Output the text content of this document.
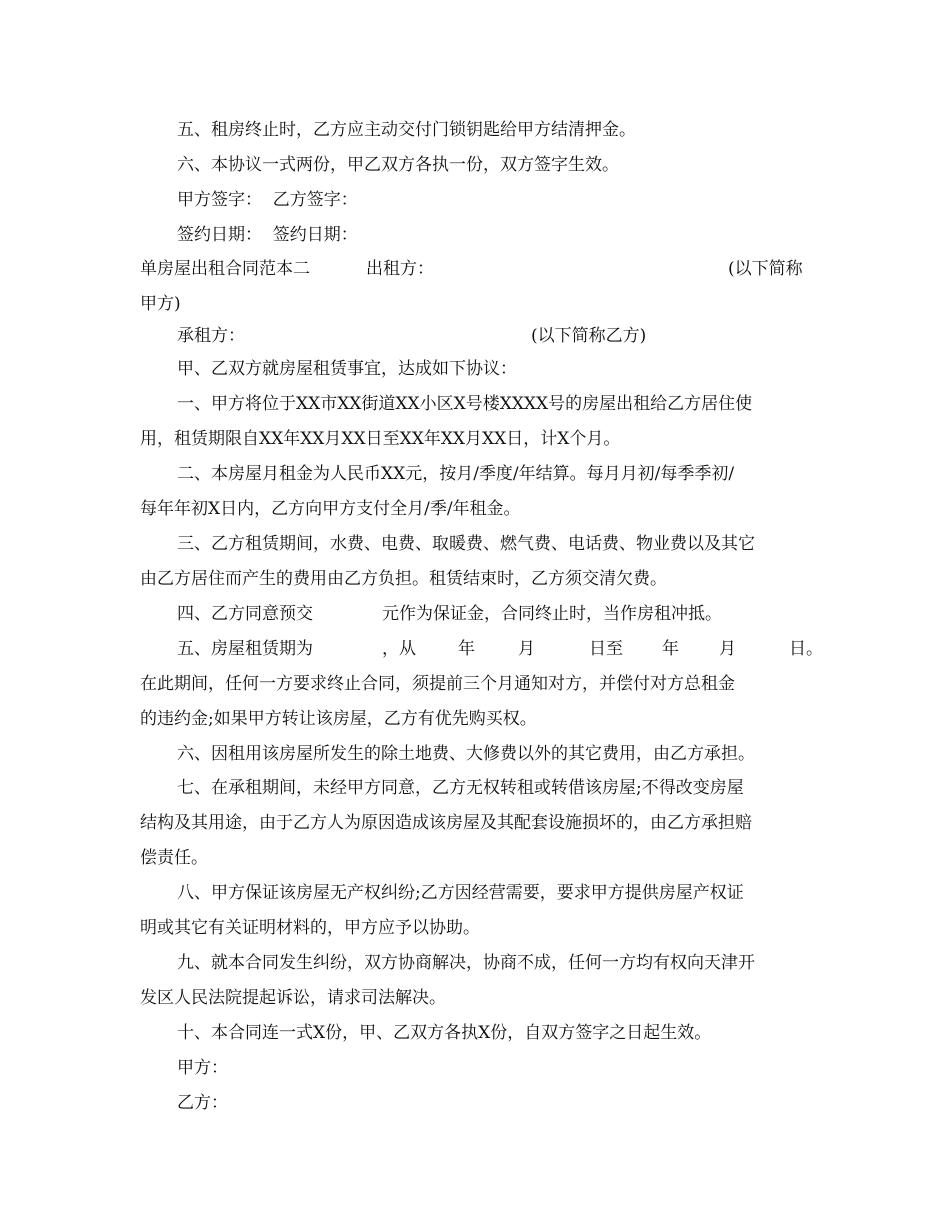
五、租房终止时，乙方应主动交付门锁钥匙给甲方结清押金。
六、本协议一式两份，甲乙双方各执一份，双方签字生效。
甲方签字：  乙方签字：
签约日期：  签约日期：
单房屋出租合同范本二	出租方：	(以下简称
甲方)
承租方：	(以下简称乙方)
甲、乙双方就房屋租赁事宜，达成如下协议：
一、甲方将位于XX市XX街道XX小区X号楼XXXX号的房屋出租给乙方居住使
用，租赁期限自XX年XX月XX日至XX年XX月XX日，计X个月。
二、本房屋月租金为人民币XX元，按月/季度/年结算。每月月初/每季季初/
每年年初X日内，乙方向甲方支付全月/季/年租金。
三、乙方租赁期间，水费、电费、取暖费、燃气费、电话费、物业费以及其它
由乙方居住而产生的费用由乙方负担。租赁结束时，乙方须交清欠费。
四、乙方同意预交	元作为保证金，合同终止时，当作房租冲抵。
五、房屋租赁期为	，从 年	月	日至 年 月	日。
在此期间，任何一方要求终止合同，须提前三个月通知对方，并偿付对方总租金
的违约金;如果甲方转让该房屋，乙方有优先购买权。
六、因租用该房屋所发生的除土地费、大修费以外的其它费用，由乙方承担。
七、在承租期间，未经甲方同意，乙方无权转租或转借该房屋;不得改变房屋
结构及其用途，由于乙方人为原因造成该房屋及其配套设施损坏的，由乙方承担赔
偿责任。
八、甲方保证该房屋无产权纠纷;乙方因经营需要，要求甲方提供房屋产权证
明或其它有关证明材料的，甲方应予以协助。
九、就本合同发生纠纷，双方协商解决，协商不成，任何一方均有权向天津开
发区人民法院提起诉讼，请求司法解决。
十、本合同连一式X份，甲、乙双方各执X份，自双方签字之日起生效。
甲方：
乙方：
